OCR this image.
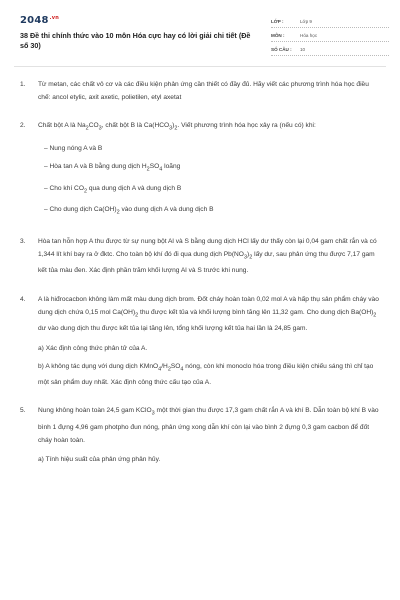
$2048^{.vn}$
38 Đề thi chính thức vào 10 môn Hóa cực hay có lời giải chi tiết (Đề số 30)
LỚP :	Lớp 9
MÔN :	Hóa học
SỐ CÂU : 10
1. Từ metan, các chất vô cơ và các điều kiện phản ứng cần thiết có đầy đủ. Hãy viết các phương trình hóa học điều chế: ancol etylic, axit axetic, polietilen, etyl axetat

2. Chất bột A là $Na_2CO_3$, chất bột B là $Ca(HCO_3)_2$. Viết phương trình hóa học xảy ra (nếu có) khi:

– Nung nóng A và B
– Hòa tan A và B bằng dung dịch $H_2SO_4$ loãng
– Cho khí $CO_2$ qua dung dịch A và dung dịch B
– Cho dung dịch $Ca(OH)_2$ vào dung dịch A và dung dịch B
3. Hòa tan hỗn hợp A thu được từ sự nung bột Al và S bằng dung dịch HCl lấy dư thấy còn lại 0,04 gam chất rắn và có 1,344 lít khí bay ra ở đktc. Cho toàn bộ khí đó đi qua dung dịch $Pb(NO_3)_2$ lấy dư, sau phản ứng thu được 7,17 gam kết tủa màu đen. Xác định phần trăm khối lượng Al và S trước khi nung.

4. A là hiđrocacbon không làm mất màu dung dịch brom. Đốt cháy hoàn toàn 0,02 mol A và hấp thụ sản phẩm cháy vào dung dịch chứa 0,15 mol $Ca(OH)_2$ thu được kết tủa và khối lượng bình tăng lên 11,32 gam. Cho dung dịch $Ba(OH)_2$ dư vào dung dịch thu được kết tủa lại tăng lên, tổng khối lượng kết tủa hai lần là 24,85 gam.

a) Xác định công thức phân tử của A.
b) A không tác dụng với dung dịch $KMnO_4/H_2SO_4$ nóng, còn khi monoclo hóa trong điều kiện chiếu sáng thì chỉ tạo một sản phẩm duy nhất. Xác định công thức cấu tạo của A.
5. Nung không hoàn toàn 24,5 gam KClO$_3$ một thời gian thu được 17,3 gam chất rắn A và khí B. Dẫn toàn bộ khí B vào bình 1 đựng 4,96 gam photpho đun nóng, phản ứng xong dẫn khí còn lại vào bình 2 đựng 0,3 gam cacbon để đốt cháy hoàn toàn.

a) Tính hiệu suất của phản ứng phân hủy.
